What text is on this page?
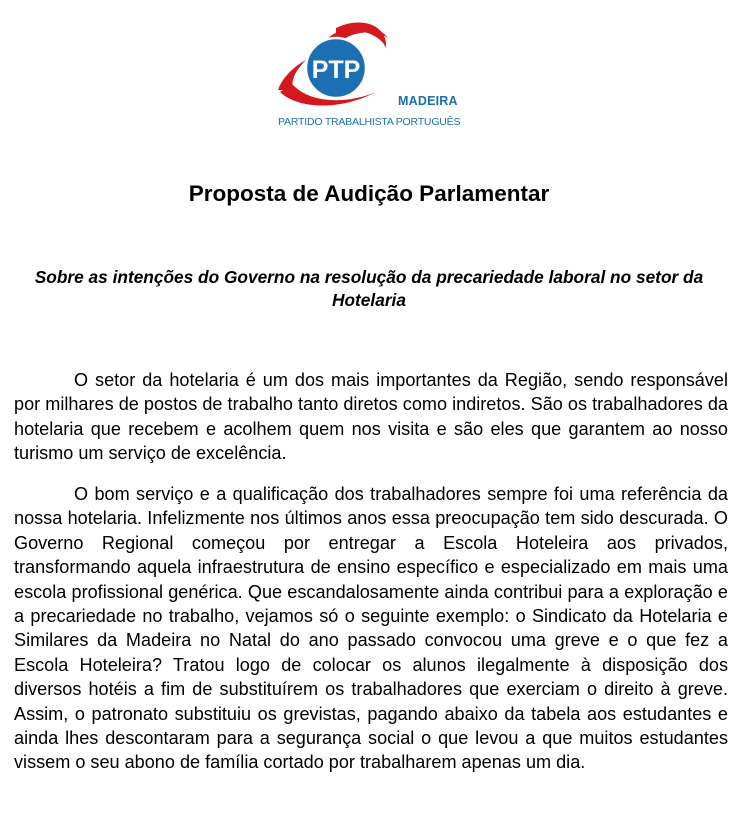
PTP
MADEIRA
PARTIDO TRABALHISTA PORTUGUÊS
Proposta de Audição Parlamentar
Sobre as intenções do Governo na resolução da precariedade laboral no setor da Hotelaria

O setor da hotelaria é um dos mais importantes da Região, sendo responsável por milhares de postos de trabalho tanto diretos como indiretos. São os trabalhadores da hotelaria que recebem e acolhem quem nos visita e são eles que garantem ao nosso turismo um serviço de excelência.

O bom serviço e a qualificação dos trabalhadores sempre foi uma referência da nossa hotelaria. Infelizmente nos últimos anos essa preocupação tem sido descurada. O Governo Regional começou por entregar a Escola Hoteleira aos privados, transformando aquela infraestrutura de ensino específico e especializado em mais uma escola profissional genérica. Que escandalosamente ainda contribui para a exploração e a precariedade no trabalho, vejamos só o seguinte exemplo: o Sindicato da Hotelaria e Similares da Madeira no Natal do ano passado convocou uma greve e o que fez a Escola Hoteleira? Tratou logo de colocar os alunos ilegalmente à disposição dos diversos hotéis a fim de substituírem os trabalhadores que exerciam o direito à greve. Assim, o patronato substituiu os grevistas, pagando abaixo da tabela aos estudantes e ainda lhes descontaram para a segurança social o que levou a que muitos estudantes vissem o seu abono de família cortado por trabalharem apenas um dia.
